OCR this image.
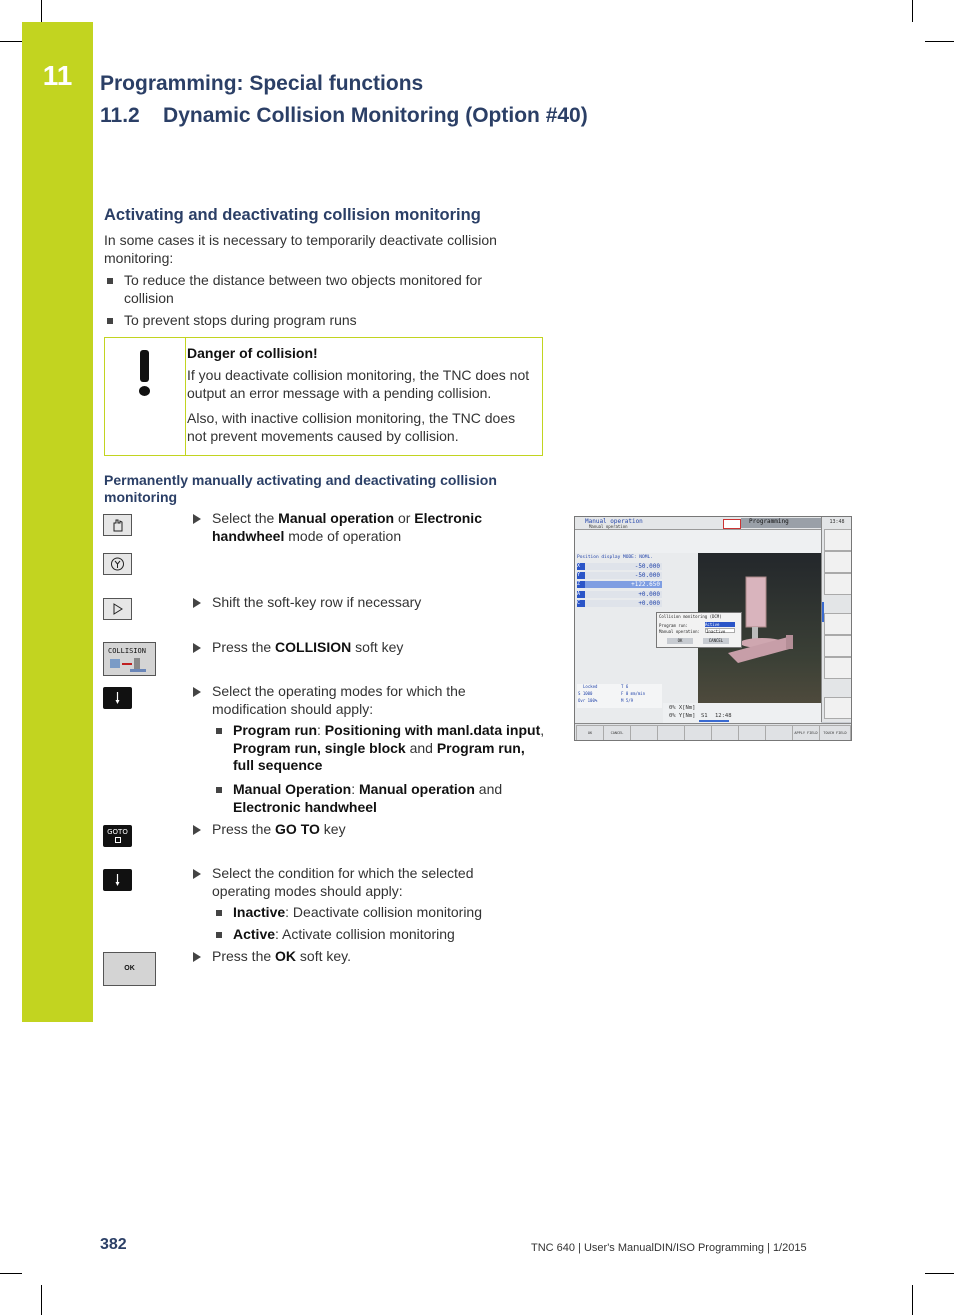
11	Programming: Special functions
11.2    Dynamic Collision Monitoring (Option #40)
Activating and deactivating collision monitoring
In some cases it is necessary to temporarily deactivate collision monitoring:
To reduce the distance between two objects monitored for collision
To prevent stops during program runs
Danger of collision!
If you deactivate collision monitoring, the TNC does not output an error message with a pending collision.
Also, with inactive collision monitoring, the TNC does not prevent movements caused by collision.
Permanently manually activating and deactivating collision monitoring
COLLISION
GOTO
OK
Select the Manual operation or Electronic handwheel mode of operation
Shift the soft-key row if necessary
Press the COLLISION soft key
Select the operating modes for which the modification should apply:
Program run: Positioning with manl.data input, Program run, single block and Program run, full sequence
Manual Operation: Manual operation and Electronic handwheel
Press the GO TO key
Select the condition for which the selected operating modes should apply:
Inactive: Deactivate collision monitoring
Active: Activate collision monitoring
Press the OK soft key.
Manual operation
Manual operation
Programming	13:48
Position display MODE: NOML.
X	-50.000
Y	-50.000
Z	+122.650
A	+0.000
C	+0.000
Locked	T 6
S 1000	F 0 mm/min
Ovr 100%	M 5/9
Collision monitoring (DCM)
Program run:	Active
Manual operation: Inactive
OK	CANCEL
0% X[Nm]
0% Y[Nm] S1 12:48
OK	CANCEL	APPLY FIELD	TOUCH FIELD
382	TNC 640 | User's ManualDIN/ISO Programming | 1/2015
